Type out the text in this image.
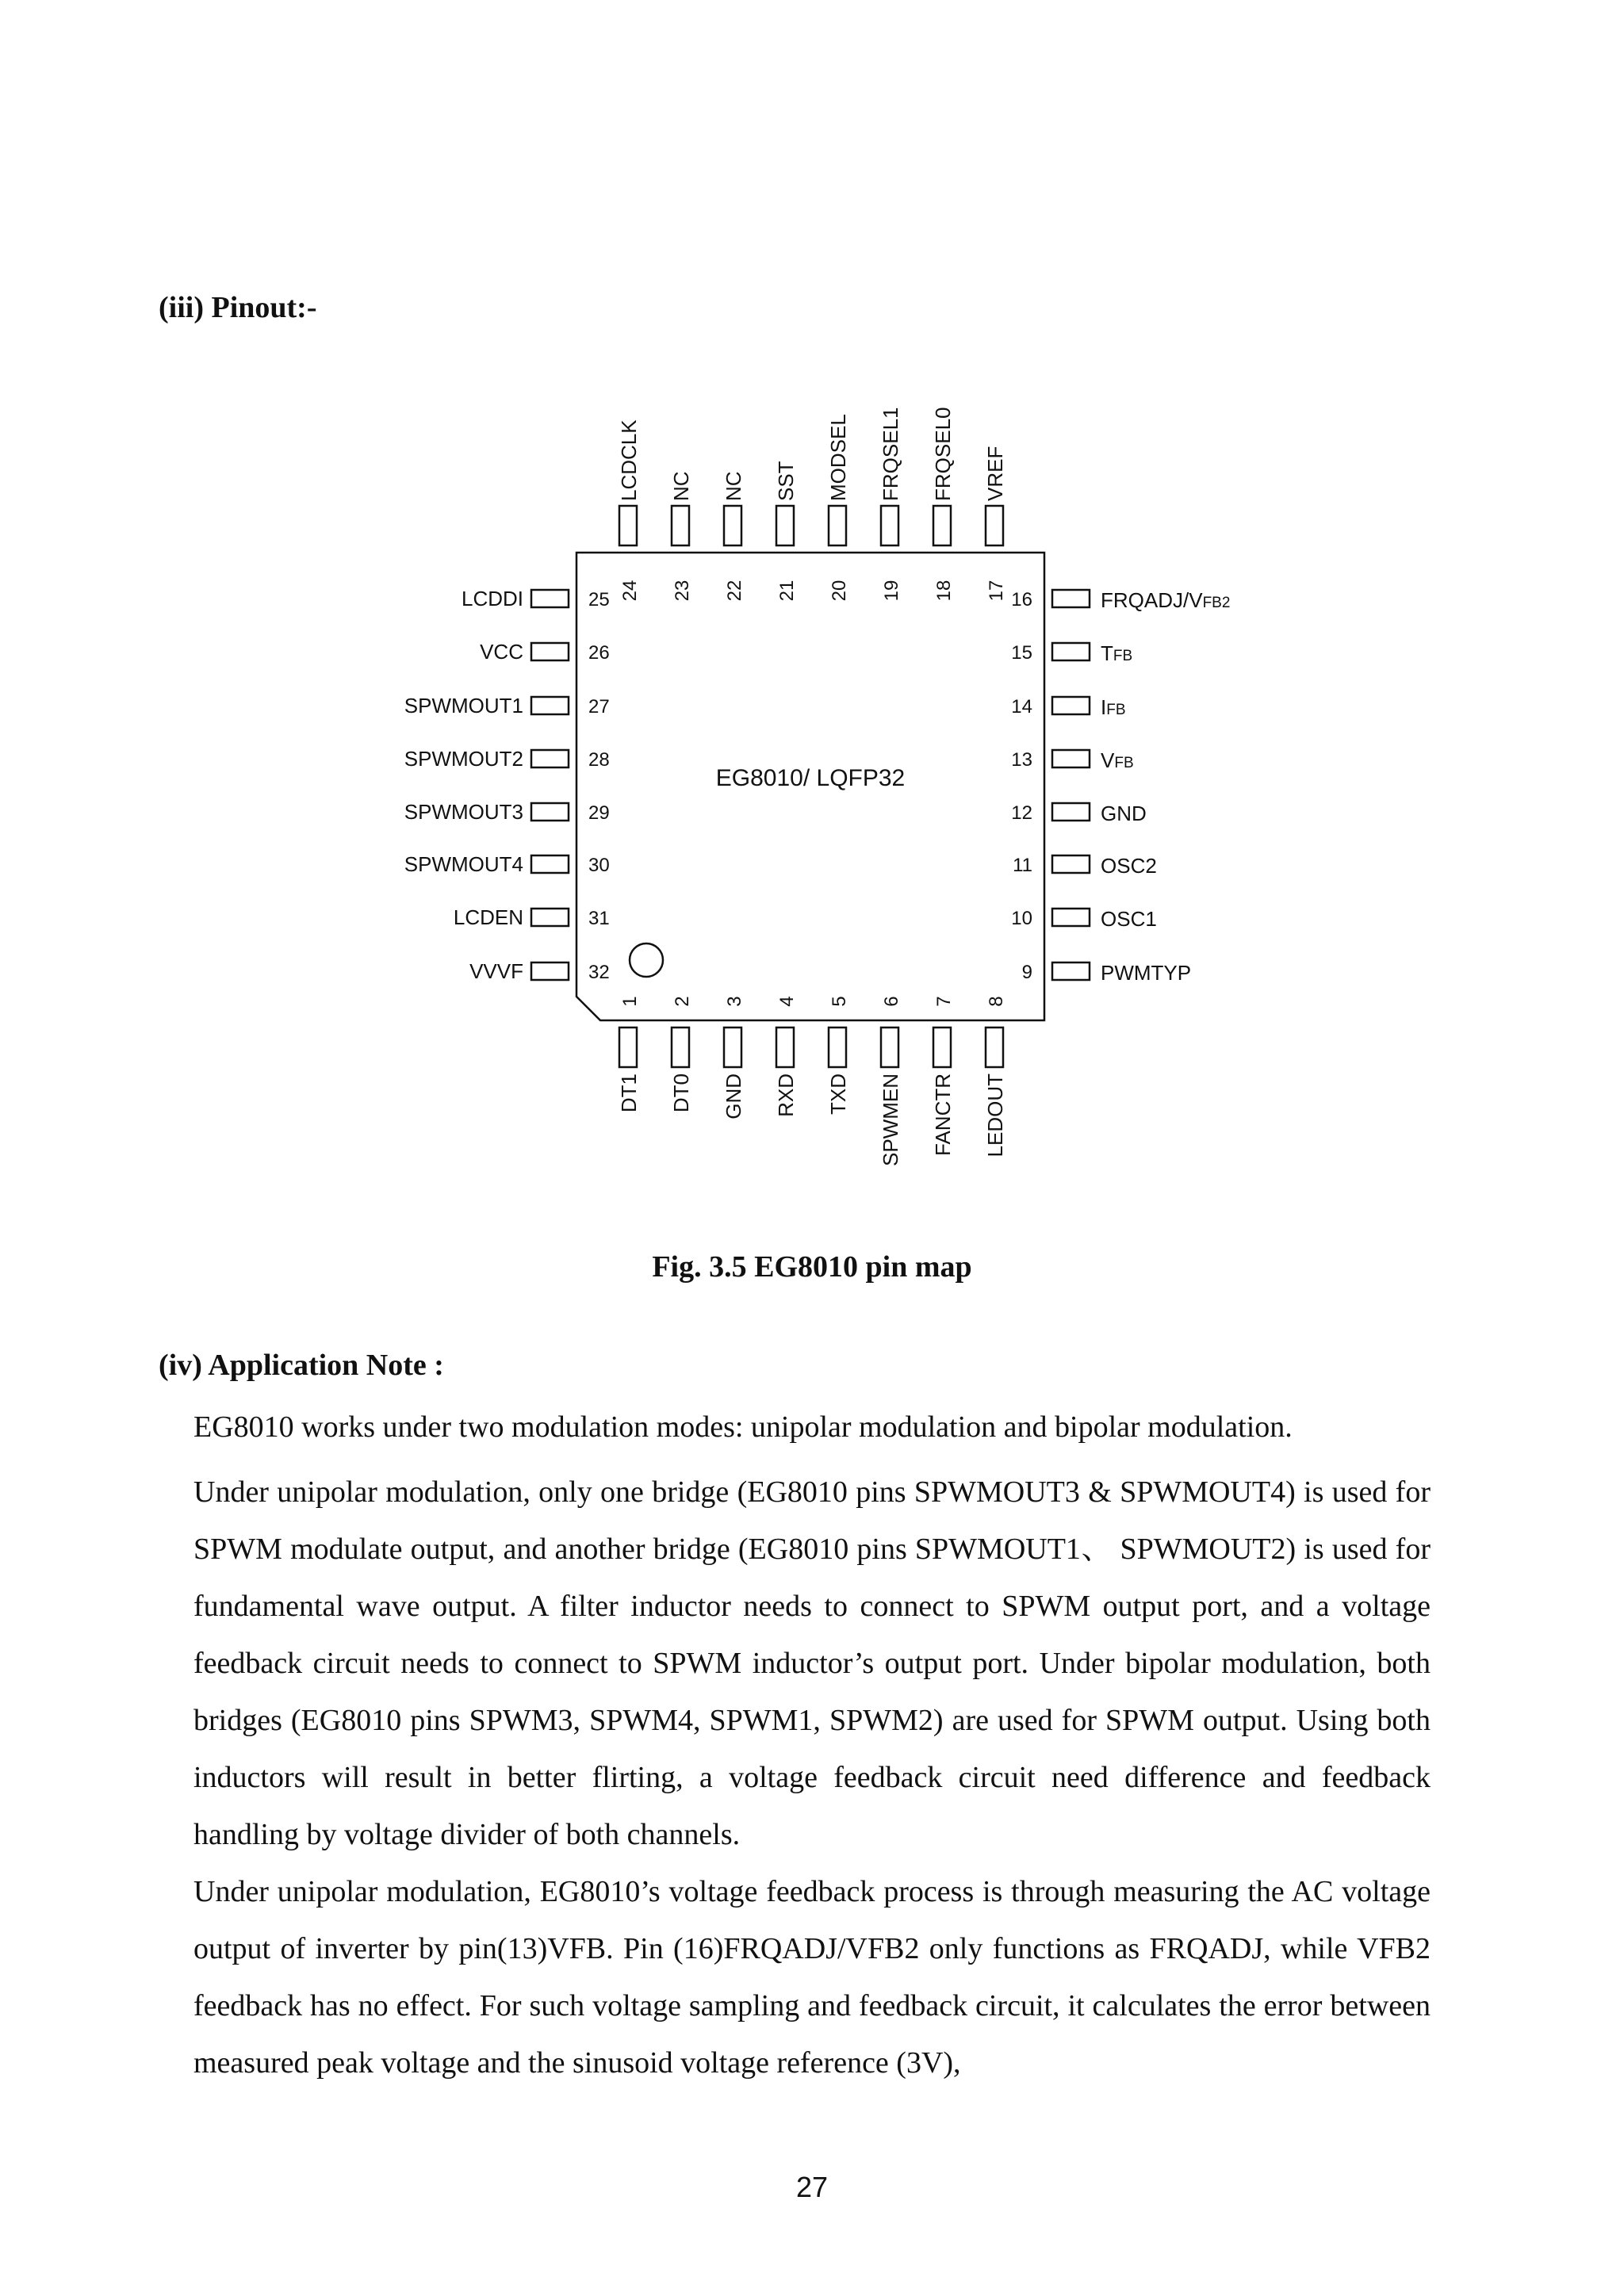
(iii) Pinout:-
EG8010/ LQFP32
LCDCLK
24
NC
23
NC
22
SST
21
MODSEL
20
FRQSEL1
19
FRQSEL0
18
VREF
17
DT1
1
DT0
2
GND
3
RXD
4
TXD
5
SPWMEN
6
FANCTR
7
LEDOUT
8
LCDDI	25
VCC	26
SPWMOUT1	27
SPWMOUT2	28
SPWMOUT3	29
SPWMOUT4	30
LCDEN	31
VVVF	32
16	FRQADJ/VFB2
15	TFB
14	IFB
13	VFB
12	GND
11	OSC2
10	OSC1
9	PWMTYP
Fig. 3.5 EG8010 pin map
(iv) Application Note :

EG8010 works under two modulation modes: unipolar modulation and bipolar modulation.

Under unipolar modulation, only one bridge (EG8010 pins SPWMOUT3 & SPWMOUT4) is used for SPWM modulate output, and another bridge (EG8010 pins SPWMOUT1、 SPWMOUT2) is used for fundamental wave output. A filter inductor needs to connect to SPWM output port, and a voltage feedback circuit needs to connect to SPWM inductor’s output port. Under bipolar modulation, both bridges (EG8010 pins SPWM3, SPWM4, SPWM1, SPWM2) are used for SPWM output. Using both inductors will result in better flirting, a voltage feedback circuit need difference and feedback handling by voltage divider of both channels.

Under unipolar modulation, EG8010’s voltage feedback process is through measuring the AC voltage output of inverter by pin(13)VFB. Pin (16)FRQADJ/VFB2 only functions as FRQADJ, while VFB2 feedback has no effect. For such voltage sampling and feedback circuit, it calculates the error between measured peak voltage and the sinusoid voltage reference (3V),

27
